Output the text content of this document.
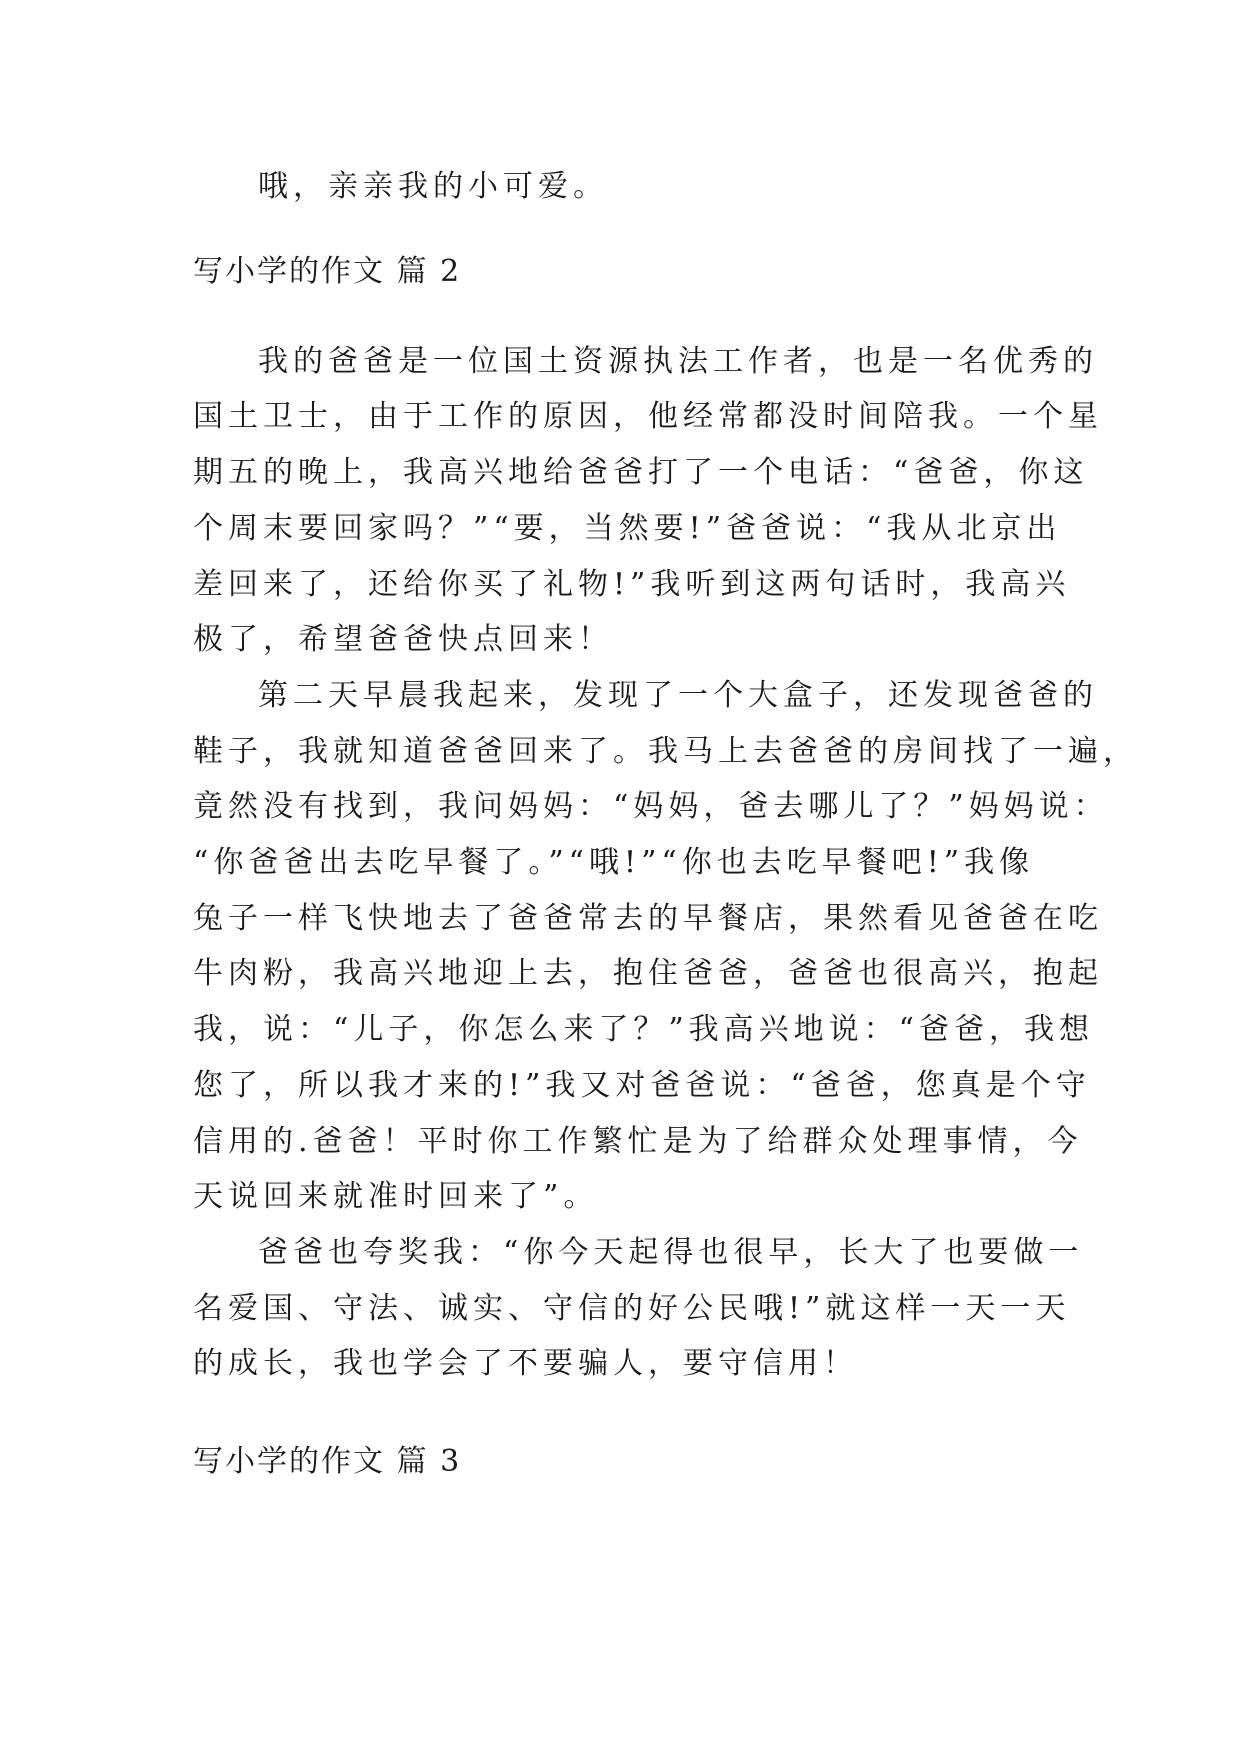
哦，亲亲我的小可爱。

写小学的作文 篇 2

我的爸爸是一位国土资源执法工作者，也是一名优秀的

国土卫士，由于工作的原因，他经常都没时间陪我。一个星

期五的晚上，我高兴地给爸爸打了一个电话：“爸爸，你这

个周末要回家吗？”“要，当然要!”爸爸说：“我从北京出

差回来了，还给你买了礼物!”我听到这两句话时，我高兴

极了，希望爸爸快点回来！

第二天早晨我起来，发现了一个大盒子，还发现爸爸的

鞋子，我就知道爸爸回来了。我马上去爸爸的房间找了一遍，

竟然没有找到，我问妈妈：“妈妈，爸去哪儿了？”妈妈说：

“你爸爸出去吃早餐了。”“哦!”“你也去吃早餐吧!”我像

兔子一样飞快地去了爸爸常去的早餐店，果然看见爸爸在吃

牛肉粉，我高兴地迎上去，抱住爸爸，爸爸也很高兴，抱起

我，说：“儿子，你怎么来了？”我高兴地说：“爸爸，我想

您了，所以我才来的!”我又对爸爸说：“爸爸，您真是个守

信用的.爸爸！平时你工作繁忙是为了给群众处理事情，今

天说回来就准时回来了”。

爸爸也夸奖我：“你今天起得也很早，长大了也要做一

名爱国、守法、诚实、守信的好公民哦!”就这样一天一天

的成长，我也学会了不要骗人，要守信用！

写小学的作文 篇 3
